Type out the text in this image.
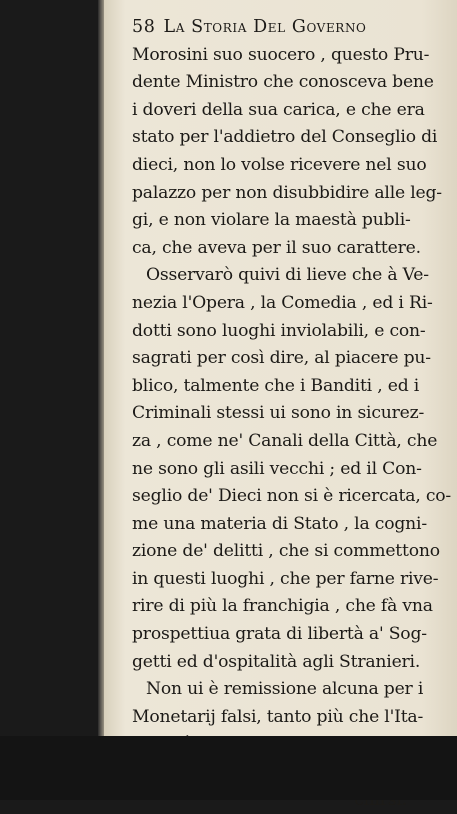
58 La Storia Del Governo
Morosini suo suocero , questo Pru-
dente Ministro che conosceva bene
i doveri della sua carica, e che era
stato per l'addietro del Conseglio di
dieci, non lo volse ricevere nel suo
palazzo per non disubbidire alle leg-
gi, e non violare la maestà publi-
ca, che aveva per il suo carattere.
Osservarò quivi di lieve che à Ve-
nezia l'Opera , la Comedia , ed i Ri-
dotti sono luoghi inviolabili, e con-
sagrati per così dire, al piacere pu-
blico, talmente che i Banditi , ed i
Criminali stessi ui sono in sicurez-
za , come ne' Canali della Città, che
ne sono gli asili vecchi ; ed il Con-
seglio de' Dieci non si è ricercata, co-
me una materia di Stato , la cogni-
zione de' delitti , che si commettono
in questi luoghi , che per farne rive-
rire di più la franchigia , che fà vna
prospettiua grata di libertà a' Sog-
getti ed d'ospitalità agli Stranieri.
Non ui è remissione alcuna per i
Monetarij falsi, tanto più che l'Ita-
